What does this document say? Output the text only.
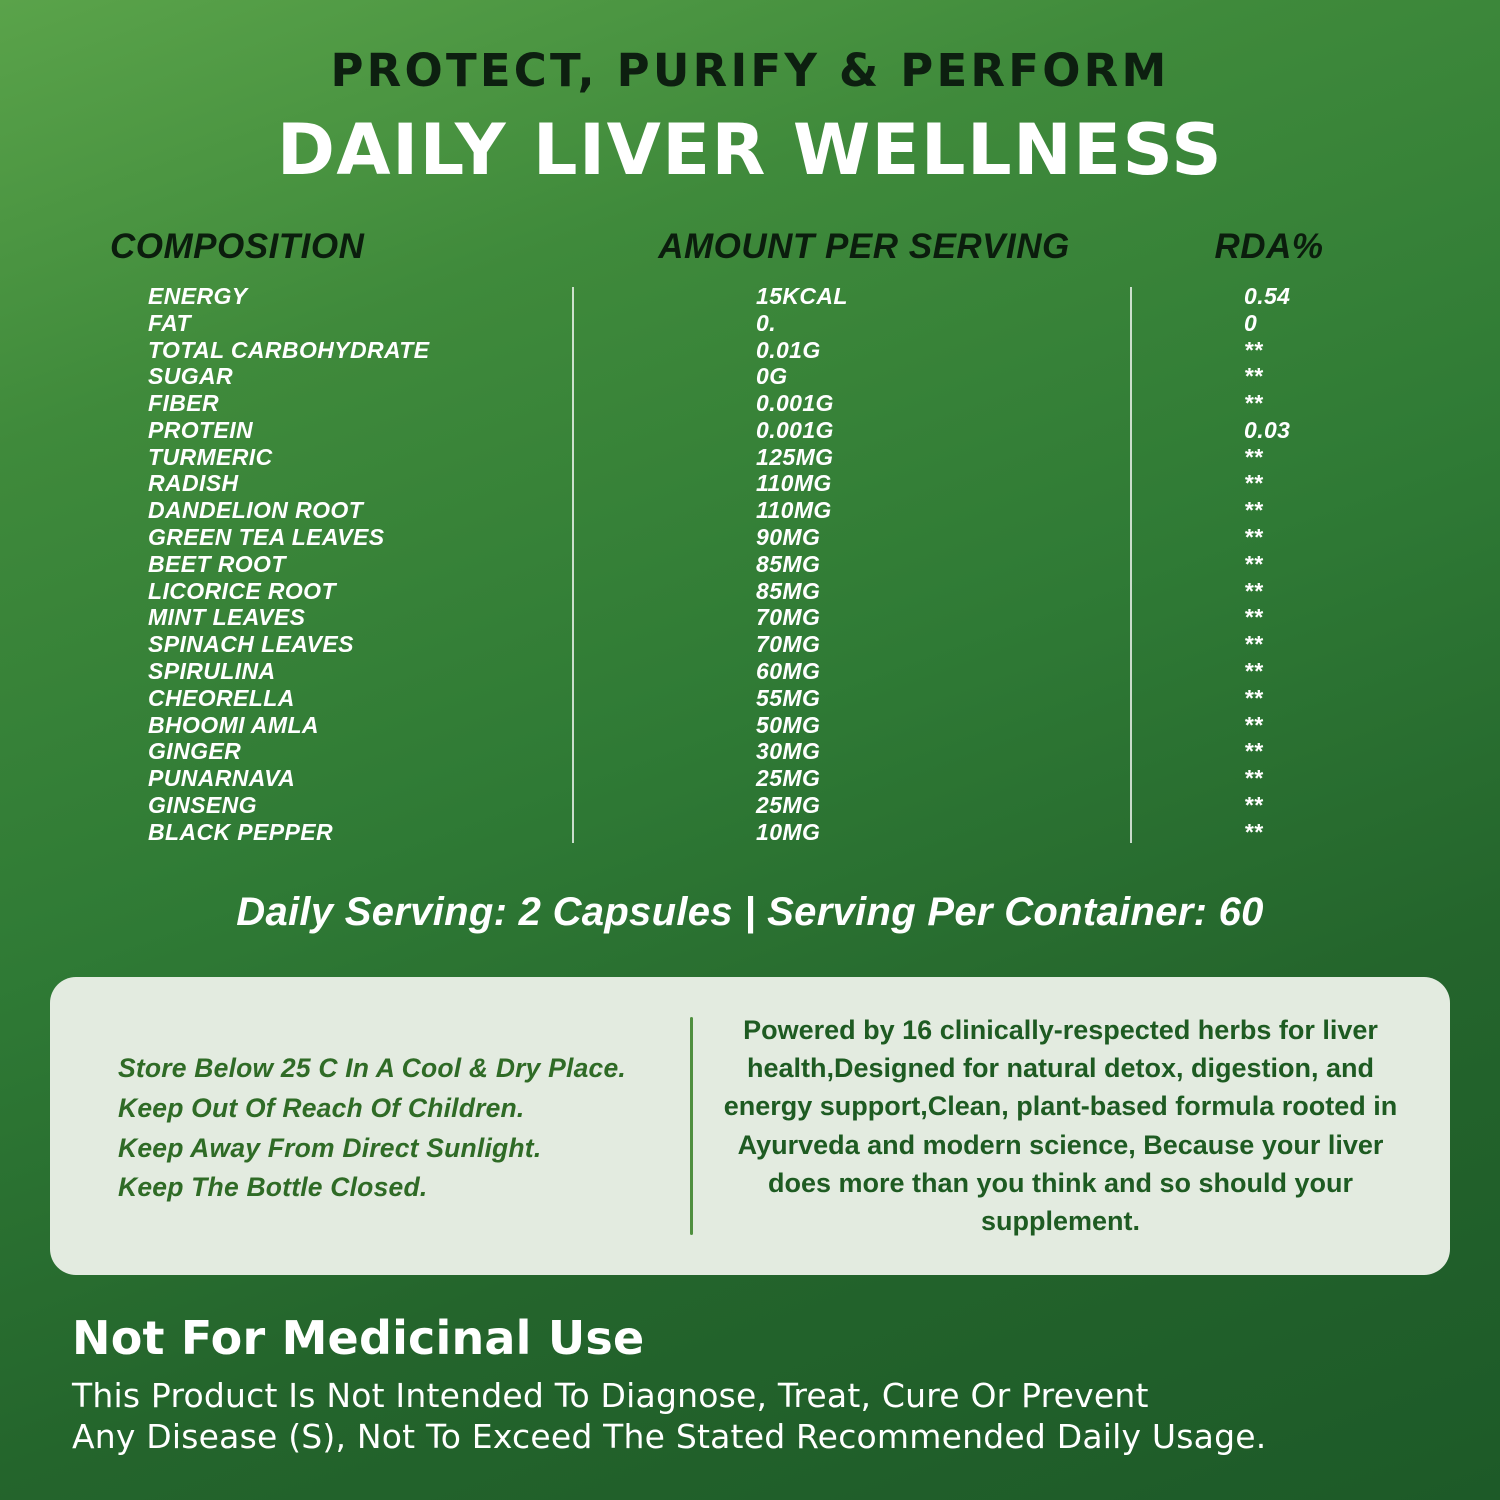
PROTECT, PURIFY & PERFORM
DAILY LIVER WELLNESS
COMPOSITION	AMOUNT PER SERVING	RDA%
ENERGY	15KCAL	0.54
FAT	0.	0
TOTAL CARBOHYDRATE	0.01G	**
SUGAR	0G	**
FIBER	0.001G	**
PROTEIN	0.001G	0.03
TURMERIC	125MG	**
RADISH	110MG	**
DANDELION ROOT	110MG	**
GREEN TEA LEAVES	90MG	**
BEET ROOT	85MG	**
LICORICE ROOT	85MG	**
MINT LEAVES	70MG	**
SPINACH LEAVES	70MG	**
SPIRULINA	60MG	**
CHEORELLA	55MG	**
BHOOMI AMLA	50MG	**
GINGER	30MG	**
PUNARNAVA	25MG	**
GINSENG	25MG	**
BLACK PEPPER	10MG	**
Daily Serving: 2 Capsules | Serving Per Container: 60

Store Below 25 C In A Cool & Dry Place.

Keep Out Of Reach Of Children.

Keep Away From Direct Sunlight.

Keep The Bottle Closed.

Powered by 16 clinically-respected herbs for liver health,Designed for natural detox, digestion, and energy support,Clean, plant-based formula rooted in Ayurveda and modern science, Because your liver does more than you think and so should your supplement.

Not For Medicinal Use

This Product Is Not Intended To Diagnose, Treat, Cure Or Prevent
Any Disease (S), Not To Exceed The Stated Recommended Daily Usage.
